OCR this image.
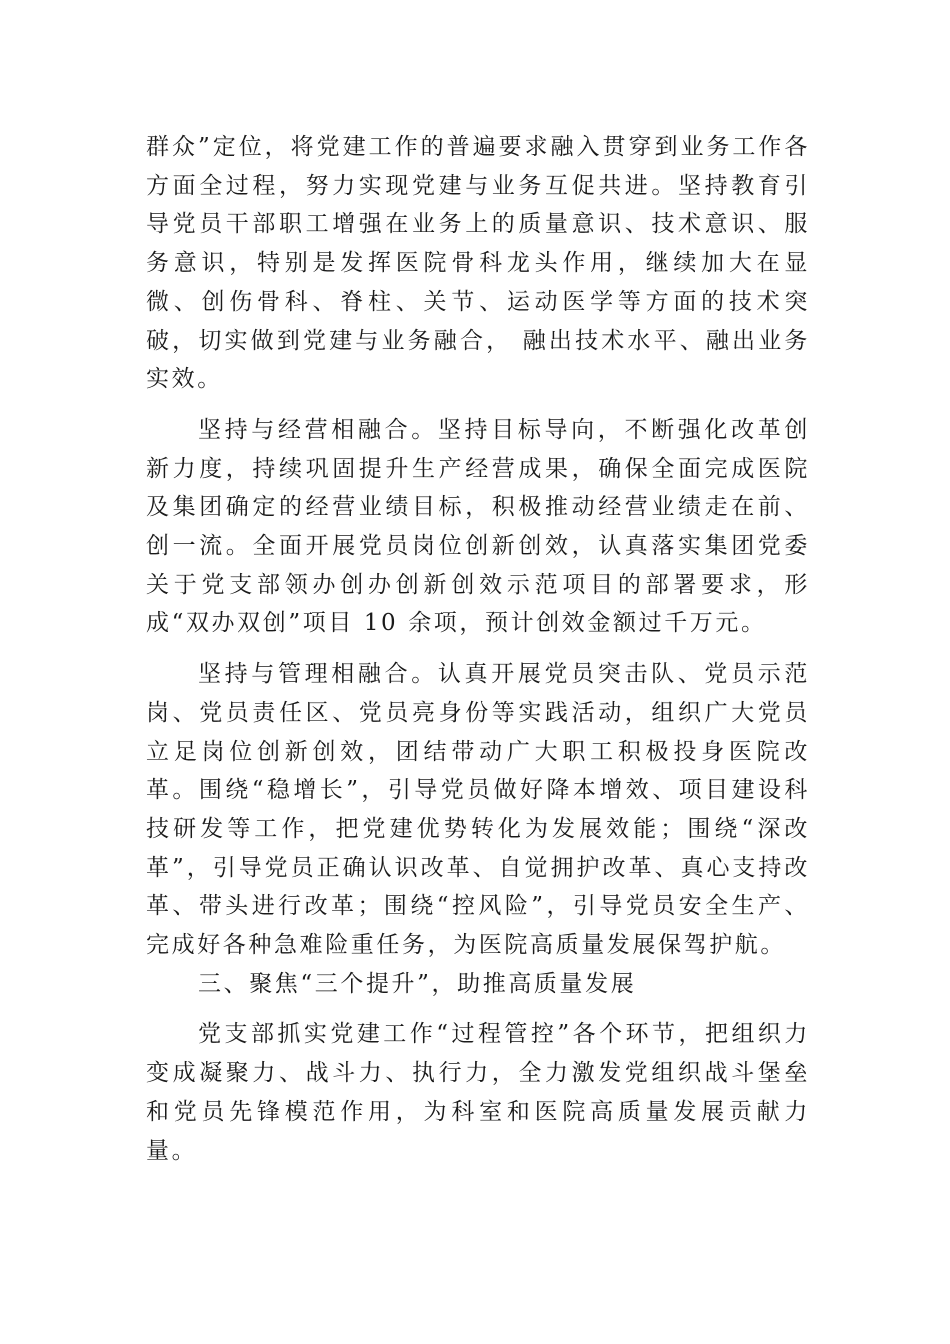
群众”定位，将党建工作的普遍要求融入贯穿到业务工作各方面全过程，努力实现党建与业务互促共进。坚持教育引导党员干部职工增强在业务上的质量意识、技术意识、服务意识，特别是发挥医院骨科龙头作用，继续加大在显微、创伤骨科、脊柱、关节、运动医学等方面的技术突破，切实做到党建与业务融合， 融出技术水平、融出业务实效。

坚持与经营相融合。坚持目标导向，不断强化改革创新力度，持续巩固提升生产经营成果，确保全面完成医院及集团确定的经营业绩目标，积极推动经营业绩走在前、创一流。全面开展党员岗位创新创效，认真落实集团党委关于党支部领办创办创新创效示范项目的部署要求，形成“双办双创”项目 10 余项，预计创效金额过千万元。

坚持与管理相融合。认真开展党员突击队、党员示范岗、党员责任区、党员亮身份等实践活动，组织广大党员立足岗位创新创效，团结带动广大职工积极投身医院改革。围绕“稳增长”，引导党员做好降本增效、项目建设科技研发等工作，把党建优势转化为发展效能；围绕“深改革”，引导党员正确认识改革、自觉拥护改革、真心支持改革、带头进行改革；围绕“控风险”，引导党员安全生产、完成好各种急难险重任务，为医院高质量发展保驾护航。

三、聚焦“三个提升”，助推高质量发展

党支部抓实党建工作“过程管控”各个环节，把组织力变成凝聚力、战斗力、执行力，全力激发党组织战斗堡垒和党员先锋模范作用，为科室和医院高质量发展贡献力量。
